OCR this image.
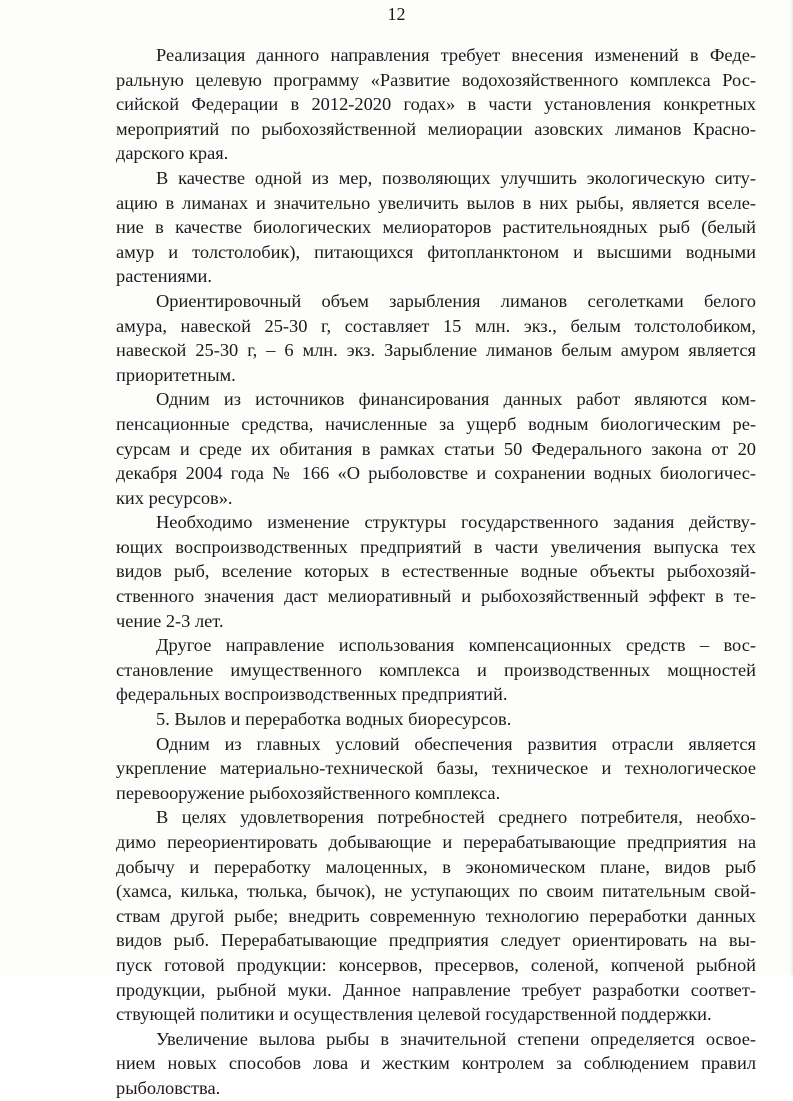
12

Реализация данного направления требует внесения изменений в Феде-
ральную целевую программу «Развитие водохозяйственного комплекса Рос-
сийской Федерации в 2012-2020 годах» в части установления конкретных
мероприятий по рыбохозяйственной мелиорации азовских лиманов Красно-
дарского края.

В качестве одной из мер, позволяющих улучшить экологическую ситу-
ацию в лиманах и значительно увеличить вылов в них рыбы, является вселе-
ние в качестве биологических мелиораторов растительноядных рыб (белый
амур и толстолобик), питающихся фитопланктоном и высшими водными
растениями.

Ориентировочный объем зарыбления лиманов сеголетками белого
амура, навеской 25-30 г, составляет 15 млн. экз., белым толстолобиком,
навеской 25-30 г, – 6 млн. экз. Зарыбление лиманов белым амуром является
приоритетным.

Одним из источников финансирования данных работ являются ком-
пенсационные средства, начисленные за ущерб водным биологическим ре-
сурсам и среде их обитания в рамках статьи 50 Федерального закона от 20
декабря 2004 года № 166 «О рыболовстве и сохранении водных биологичес-
ких ресурсов».

Необходимо изменение структуры государственного задания действу-
ющих воспроизводственных предприятий в части увеличения выпуска тех
видов рыб, вселение которых в естественные водные объекты рыбохозяй-
ственного значения даст мелиоративный и рыбохозяйственный эффект в те-
чение 2-3 лет.

Другое направление использования компенсационных средств – вос-
становление имущественного комплекса и производственных мощностей
федеральных воспроизводственных предприятий.

5. Вылов и переработка водных биоресурсов.

Одним из главных условий обеспечения развития отрасли является
укрепление материально-технической базы, техническое и технологическое
перевооружение рыбохозяйственного комплекса.

В целях удовлетворения потребностей среднего потребителя, необхо-
димо переориентировать добывающие и перерабатывающие предприятия на
добычу и переработку малоценных, в экономическом плане, видов рыб
(хамса, килька, тюлька, бычок), не уступающих по своим питательным свой-
ствам другой рыбе; внедрить современную технологию переработки данных
видов рыб. Перерабатывающие предприятия следует ориентировать на вы-
пуск готовой продукции: консервов, пресервов, соленой, копченой рыбной
продукции, рыбной муки. Данное направление требует разработки соответ-
ствующей политики и осуществления целевой государственной поддержки.

Увеличение вылова рыбы в значительной степени определяется освое-
нием новых способов лова и жестким контролем за соблюдением правил
рыболовства.
